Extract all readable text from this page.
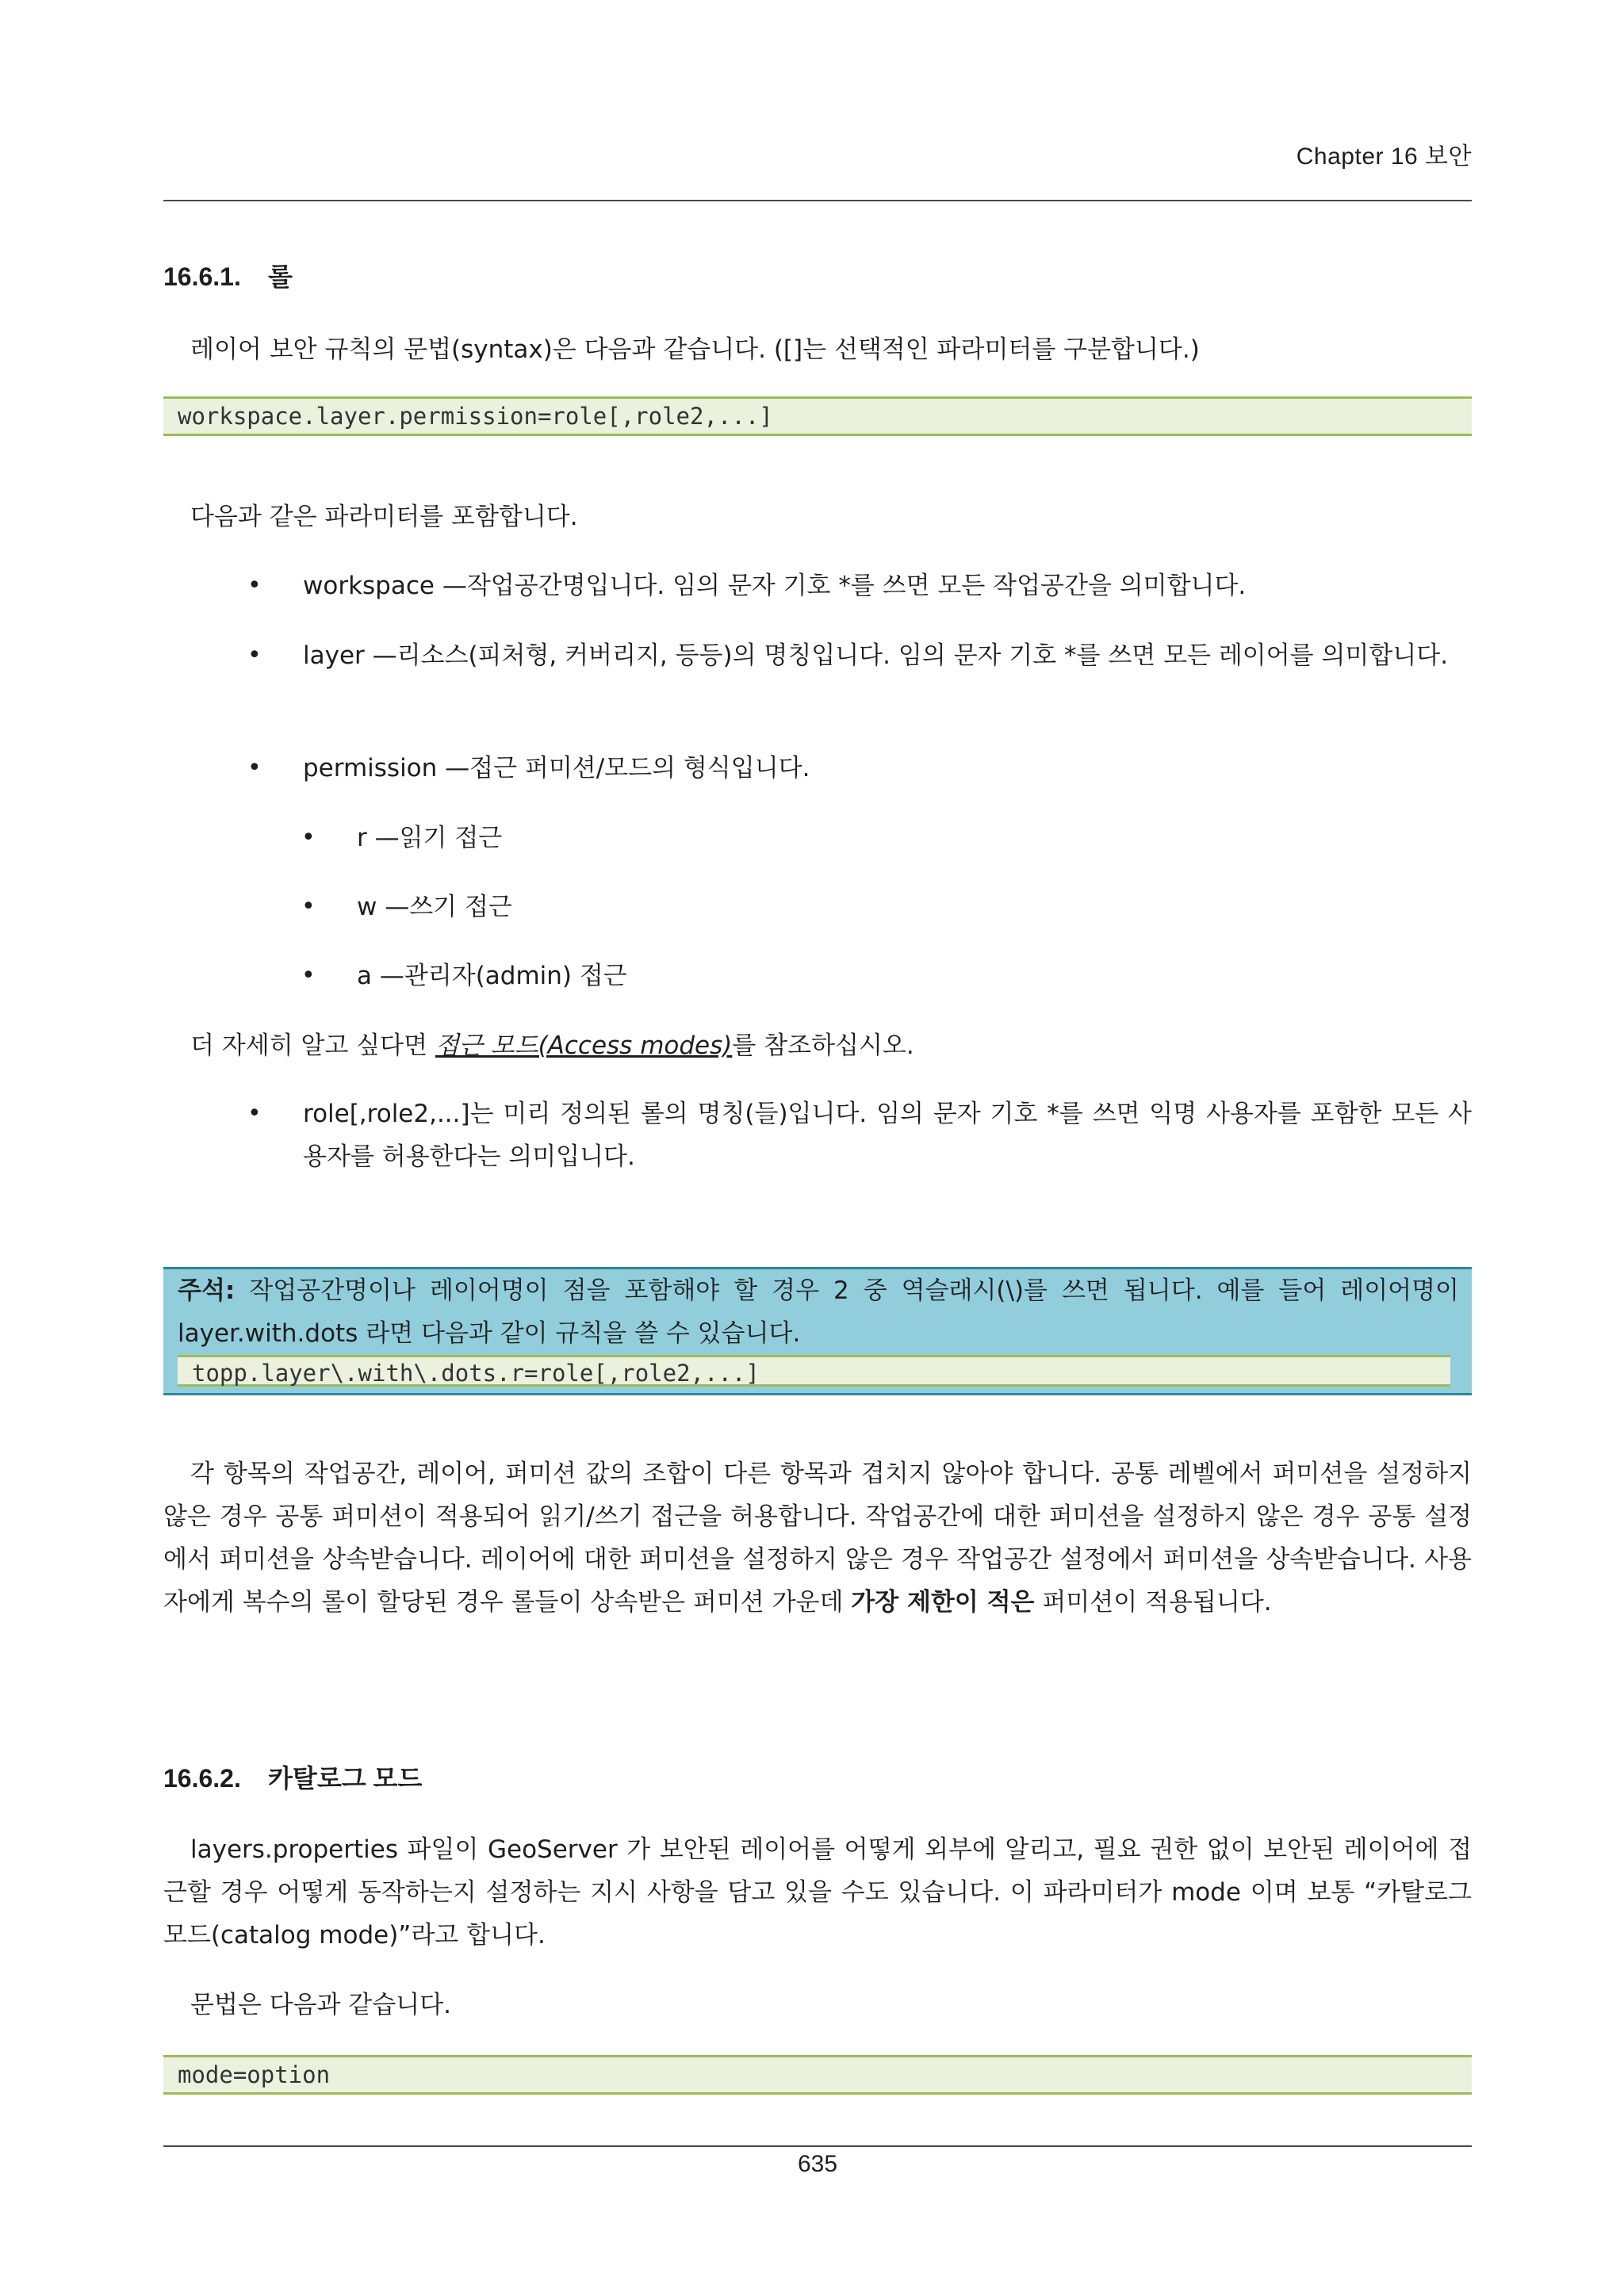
Chapter 16 보안
16.6.1. 롤

레이어 보안 규칙의 문법(syntax)은 다음과 같습니다. ([]는 선택적인 파라미터를 구분합니다.)

workspace.layer.permission=role[,role2,...]

다음과 같은 파라미터를 포함합니다.

• workspace —작업공간명입니다. 임의 문자 기호 *를 쓰면 모든 작업공간을 의미합니다.
• layer —리소스(피처형, 커버리지, 등등)의 명칭입니다. 임의 문자 기호 *를 쓰면 모든 레이어를 의미합니다.
• permission —접근 퍼미션/모드의 형식입니다.
• r —읽기 접근
• w —쓰기 접근
• a —관리자(admin) 접근

더 자세히 알고 싶다면 접근 모드(Access modes)를 참조하십시오.

• role[,role2,...]는 미리 정의된 롤의 명칭(들)입니다. 임의 문자 기호 *를 쓰면 익명 사용자를 포함한 모든 사용자를 허용한다는 의미입니다.
주석: 작업공간명이나 레이어명이 점을 포함해야 할 경우 2 중 역슬래시(\)를 쓰면 됩니다. 예를 들어 레이어명이 layer.with.dots 라면 다음과 같이 규칙을 쓸 수 있습니다.
topp.layer\.with\.dots.r=role[,role2,...]

각 항목의 작업공간, 레이어, 퍼미션 값의 조합이 다른 항목과 겹치지 않아야 합니다. 공통 레벨에서 퍼미션을 설정하지 않은 경우 공통 퍼미션이 적용되어 읽기/쓰기 접근을 허용합니다. 작업공간에 대한 퍼미션을 설정하지 않은 경우 공통 설정에서 퍼미션을 상속받습니다. 레이어에 대한 퍼미션을 설정하지 않은 경우 작업공간 설정에서 퍼미션을 상속받습니다. 사용자에게 복수의 롤이 할당된 경우 롤들이 상속받은 퍼미션 가운데 가장 제한이 적은 퍼미션이 적용됩니다.

16.6.2. 카탈로그 모드

layers.properties 파일이 GeoServer 가 보안된 레이어를 어떻게 외부에 알리고, 필요 권한 없이 보안된 레이어에 접근할 경우 어떻게 동작하는지 설정하는 지시 사항을 담고 있을 수도 있습니다. 이 파라미터가 mode 이며 보통 “카탈로그 모드(catalog mode)”라고 합니다.

문법은 다음과 같습니다.

mode=option
635
